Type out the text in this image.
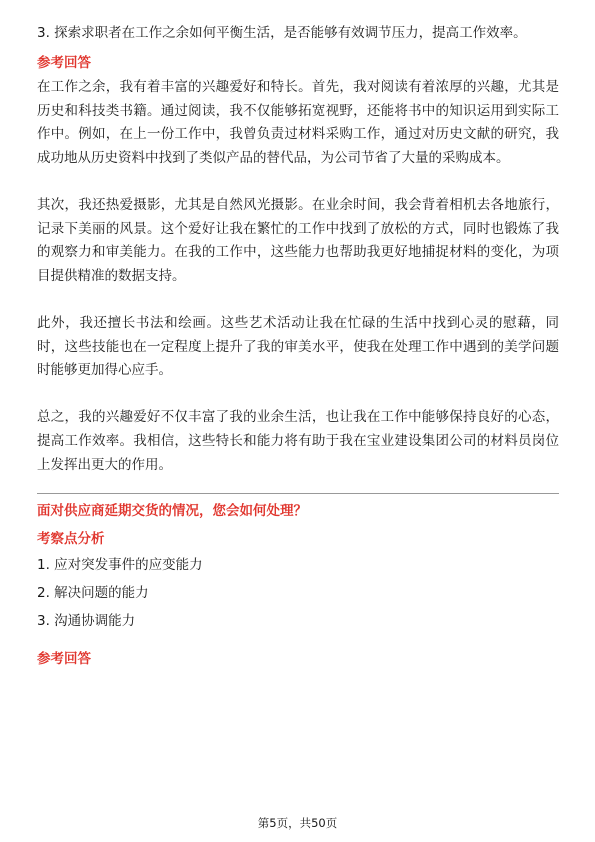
3. 探索求职者在工作之余如何平衡生活，是否能够有效调节压力，提高工作效率。

参考回答

在工作之余，我有着丰富的兴趣爱好和特长。首先，我对阅读有着浓厚的兴趣，尤其是历史和科技类书籍。通过阅读，我不仅能够拓宽视野，还能将书中的知识运用到实际工作中。例如，在上一份工作中，我曾负责过材料采购工作，通过对历史文献的研究，我成功地从历史资料中找到了类似产品的替代品，为公司节省了大量的采购成本。

其次，我还热爱摄影，尤其是自然风光摄影。在业余时间，我会背着相机去各地旅行，记录下美丽的风景。这个爱好让我在繁忙的工作中找到了放松的方式，同时也锻炼了我的观察力和审美能力。在我的工作中，这些能力也帮助我更好地捕捉材料的变化，为项目提供精准的数据支持。

此外，我还擅长书法和绘画。这些艺术活动让我在忙碌的生活中找到心灵的慰藉，同时，这些技能也在一定程度上提升了我的审美水平，使我在处理工作中遇到的美学问题时能够更加得心应手。

总之，我的兴趣爱好不仅丰富了我的业余生活，也让我在工作中能够保持良好的心态，提高工作效率。我相信，这些特长和能力将有助于我在宝业建设集团公司的材料员岗位上发挥出更大的作用。

面对供应商延期交货的情况，您会如何处理？

考察点分析

1. 应对突发事件的应变能力

2. 解决问题的能力

3. 沟通协调能力

参考回答

第5页，共50页
